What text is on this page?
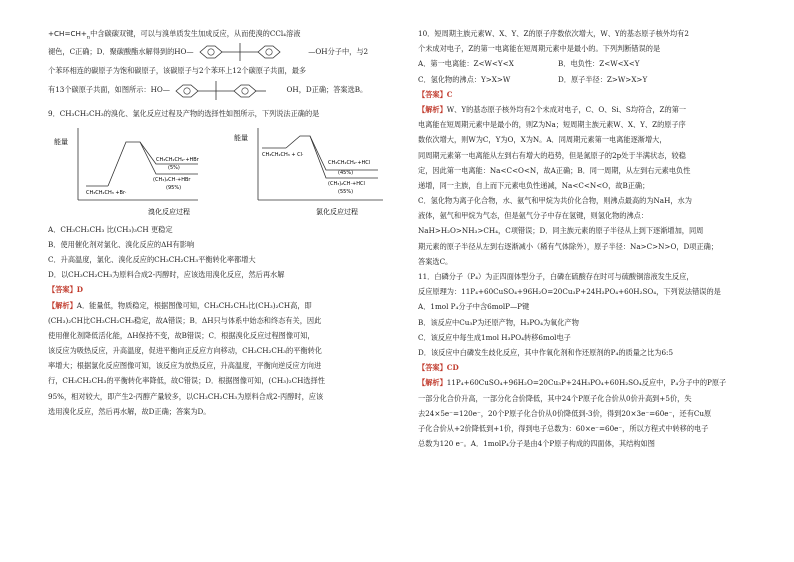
$+CH=CH+_n$中含碳碳双键，可以与溴单质发生加成反应，从而使溴的CCl₄溶液
褪色，C正确；D．聚碳酸酯水解得到的HO—	—OH分子中，与2
个苯环相连的碳原子为饱和碳原子，该碳原子与2个苯环上12个碳原子共面，最多
有13个碳原子共面，如图所示：HO—	OH，D正确；答案选B。
9．CH₃CH₂CH₃的溴化、氯化反应过程及产物的选择性如图所示，下列说法正确的是
能量
溴化反应过程
CH₃CH₂CH₃ +Br·
CH₃CH₂CH₂·+HBr
(5%)
(CH₃)₂CH·+HBr
(95%)
能量
氯化反应过程
CH₃CH₂CH₃ + Cl·
CH₃CH₂CH₂·+HCl
(45%)
(CH₃)₂CH·+HCl
(55%)
A．CH₃CH₂CH₃ 比(CH₃)₃CH 更稳定
B．使用催化剂对氯化、溴化反应的ΔH有影响
C．升高温度，氯化、溴化反应的CH₃CH₂CH₃平衡转化率都增大
D．以CH₃CH₂CH₃为原料合成2-丙醇时，应该选用溴化反应，然后再水解
【答案】D
【解析】A．能量低，物质稳定，根据图像可知，CH₃CH₂CH₃比(CH₃)₂CH高，即
(CH₃)₂CH比CH₃CH₂CH₃稳定，故A错误；B．ΔH只与体系中始态和终态有关，因此
使用催化剂降低活化能，ΔH保持不变，故B错误；C．根据溴化反应过程图像可知，
该反应为吸热反应，升高温度，促进平衡向正反应方向移动，CH₃CH₂CH₃的平衡转化
率增大；根据氯化反应图像可知，该反应为放热反应，升高温度，平衡向逆反应方向进
行，CH₃CH₂CH₃的平衡转化率降低，故C错误；D．根据图像可知，(CH₃)₂CH选择性
95%，相对较大，即产生2-丙醇产量较多，以CH₃CH₂CH₃为原料合成2-丙醇时，应该
选用溴化反应，然后再水解，故D正确；答案为D。
10．短周期主族元素W、X、Y、Z的原子序数依次增大，W、Y的基态原子核外均有2
个未成对电子，Z的第一电离能在短周期元素中是最小的。下列判断错误的是
A．第一电离能：Z<W<Y<X	B．电负性：Z<W<X<Y
C．氢化物的沸点：Y>X>W	D．原子半径：Z>W>X>Y
【答案】C
【解析】W、Y的基态原子核外均有2个未成对电子，C、O、Si、S均符合，Z的第一
电离能在短周期元素中是最小的，则Z为Na；短周期主族元素W、X、Y、Z的原子序
数依次增大，则W为C，Y为O，X为N。A．同周期元素第一电离能逐渐增大，
同周期元素第一电离能从左到右有增大的趋势，但是氮原子的2p处于半满状态，较稳
定，因此第一电离能：Na<C<O<N，故A正确；B．同一周期，从左到右元素电负性
递增，同一主族，自上而下元素电负性递减，Na<C<N<O，故B正确；
C．氢化物为离子化合物，水、氨气和甲烷为共价化合物，则沸点最高的为NaH，水为
液体，氨气和甲烷为气态，但是氨气分子中存在氢键，则氢化物的沸点：
NaH>H₂O>NH₃>CH₄，C项错误；D．同主族元素的原子半径从上到下逐渐增加，同周
期元素的原子半径从左到右逐渐减小（稀有气体除外），原子半径：Na>C>N>O，D项正确；
答案选C。
11．白磷分子（P₄）为正四面体型分子，白磷在硫酸存在时可与硫酸铜溶液发生反应，
反应原理为：11P₄+60CuSO₄+96H₂O=20Cu₃P+24H₃PO₄+60H₂SO₄，下列说法错误的是
A．1mol P₄分子中含6molP—P键
B．该反应中Cu₃P为还原产物，H₃PO₄为氧化产物
C．该反应中每生成1mol H₃PO₄转移6mol电子
D．该反应中白磷发生歧化反应，其中作氧化剂和作还原剂的P₄的质量之比为6:5
【答案】CD
【解析】11P₄+60CuSO₄+96H₂O=20Cu₃P+24H₃PO₄+60H₂SO₄反应中，P₄分子中的P原子
一部分化合价升高，一部分化合价降低，其中24个P原子化合价从0价升高到+5价，失
去24×5e⁻=120e⁻，20个P原子化合价从0价降低到-3价，得到20×3e⁻=60e⁻，还有Cu原
子化合价从+2价降低到+1价，得到电子总数为：60×e⁻=60e⁻，所以方程式中转移的电子
总数为120 e⁻。A．1molP₄分子是由4个P原子构成的四面体，其结构如图
